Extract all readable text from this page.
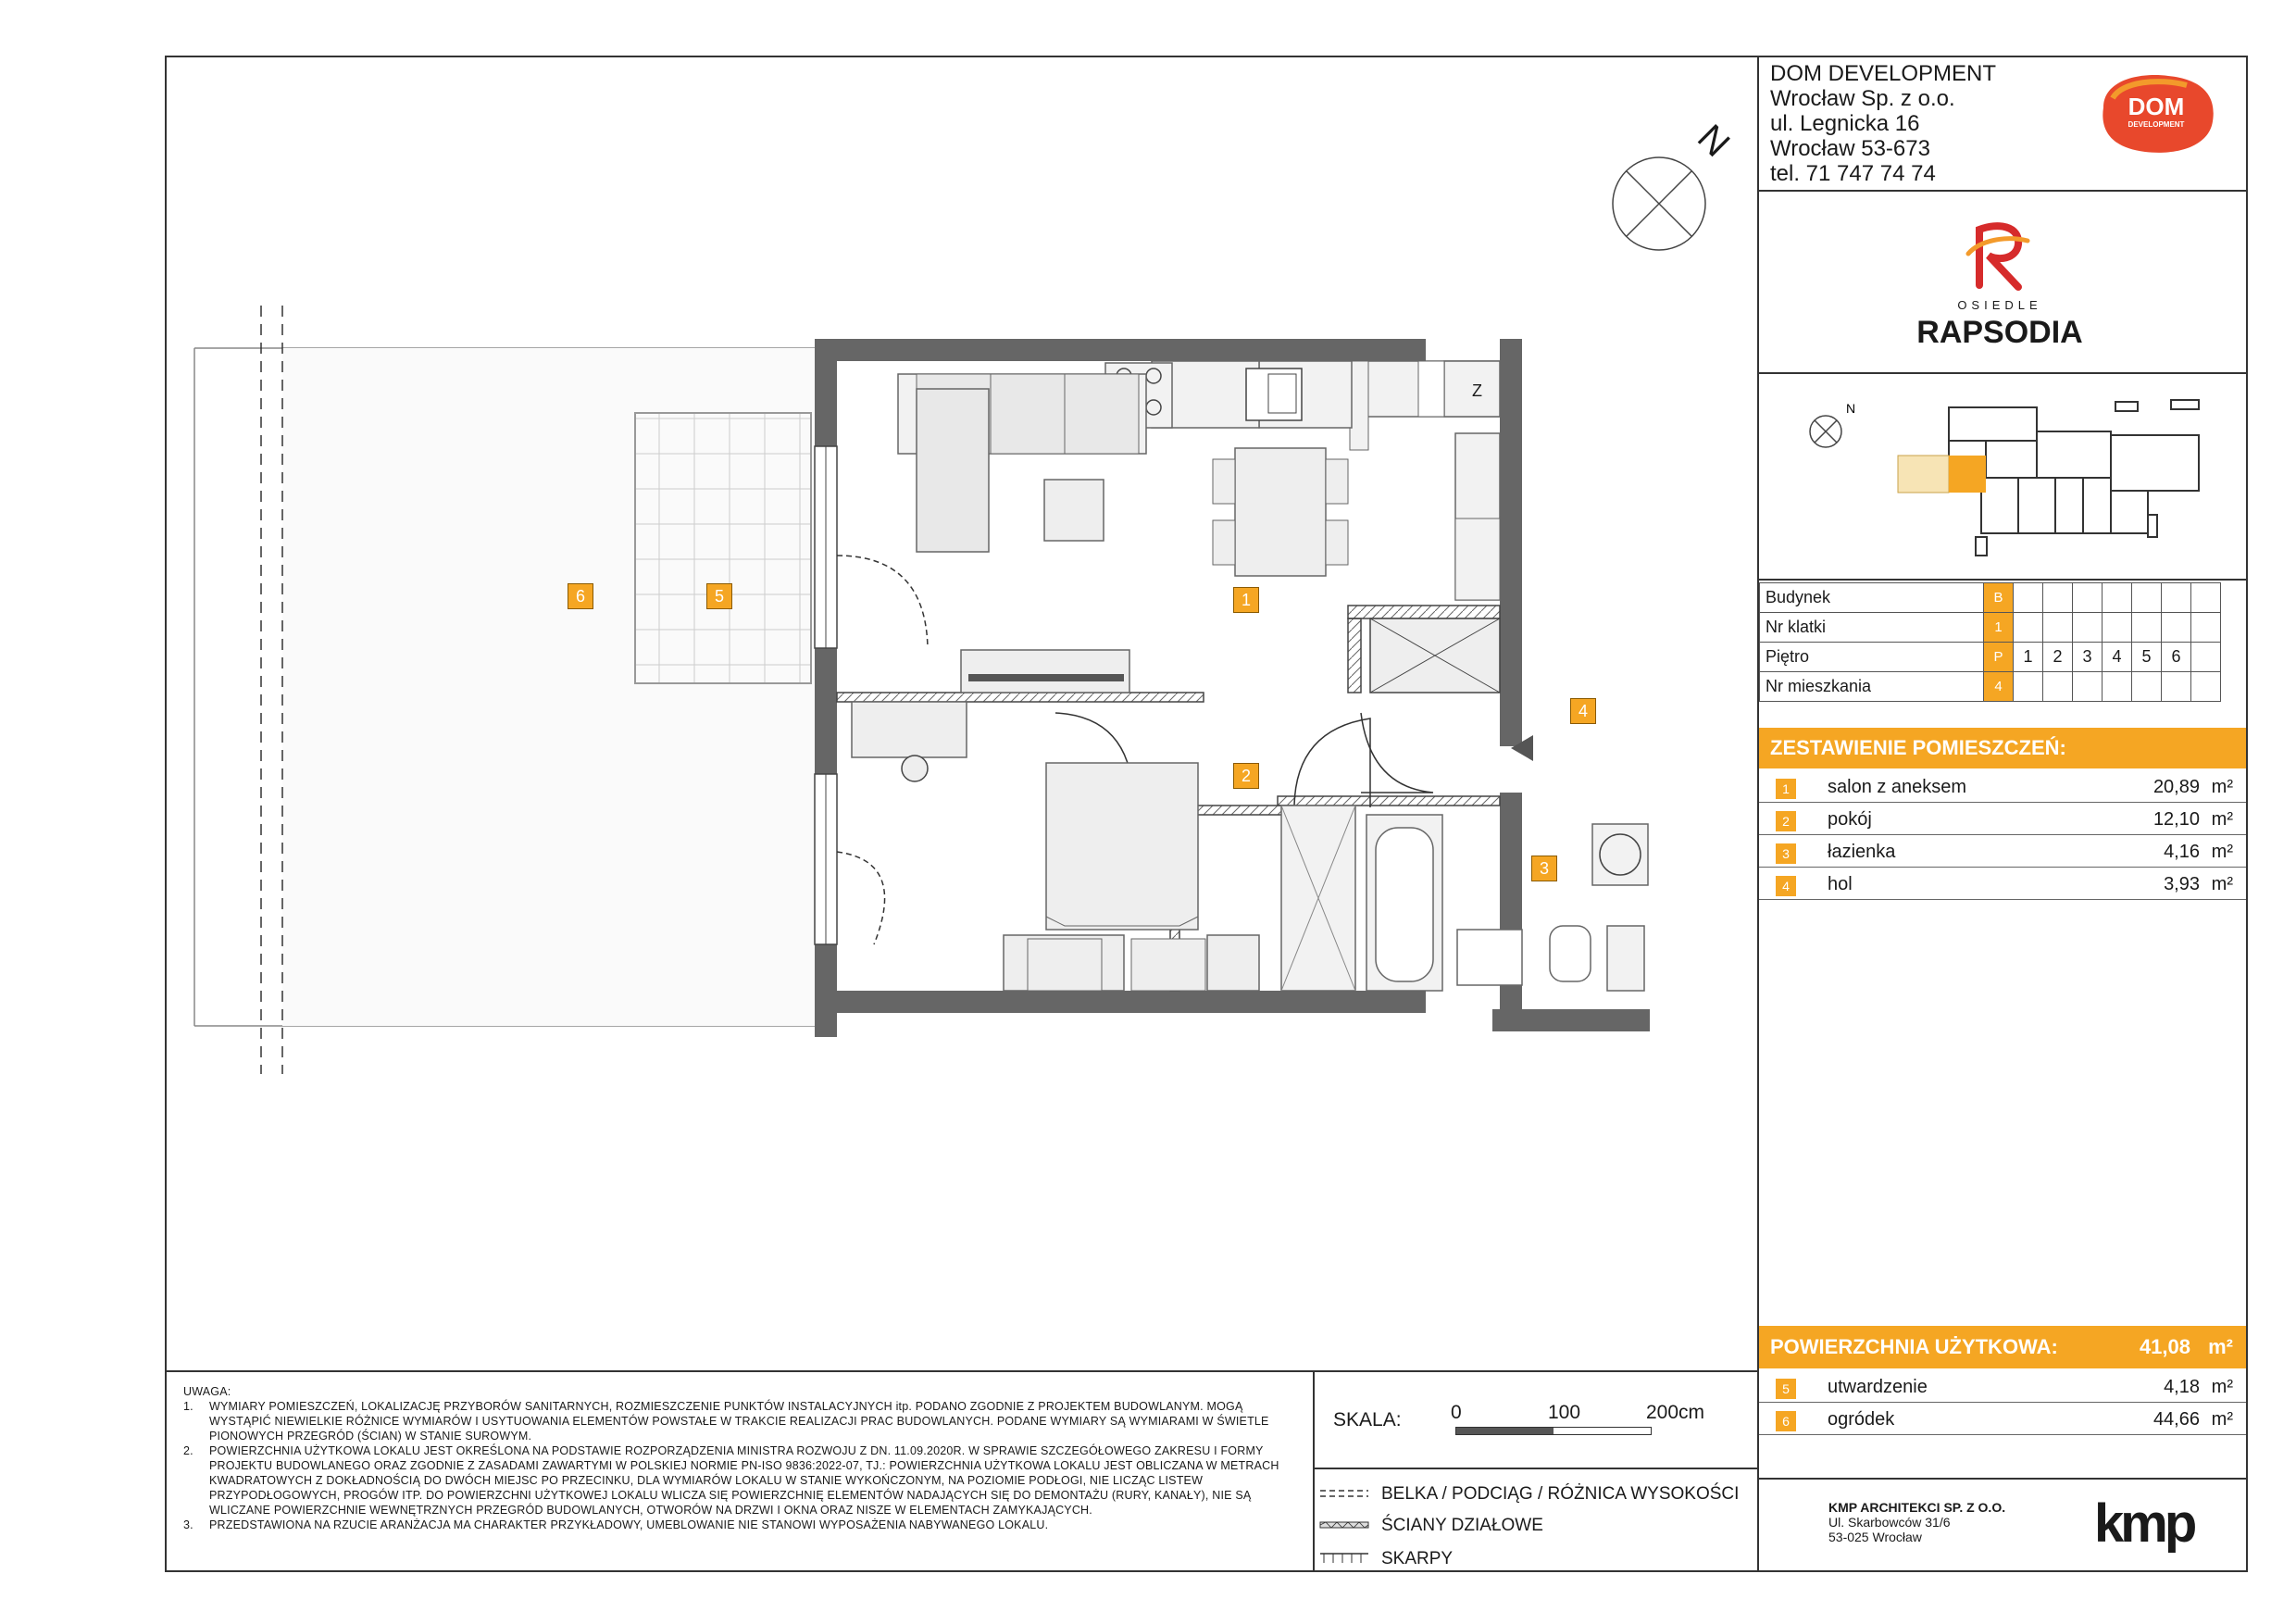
DOM DEVELOPMENT
Wrocław Sp. z o.o.
ul. Legnicka 16
Wrocław 53-673
tel. 71 747 74 74
DOM
DEVELOPMENT
OSIEDLE
RAPSODIA
N
Budynek	B							
Nr klatki	1							
Piętro	P	1	2	3	4	5	6	
Nr mieszkania	4							
ZESTAWIENIE POMIESZCZEŃ:
1	salon z aneksem	20,89 m²
2	pokój	12,10 m²
3	łazienka	4,16 m²
4	hol	3,93 m²
POWIERZCHNIA UŻYTKOWA:	41,08 m²
5	utwardzenie	4,18 m²
6	ogródek	44,66 m²
KMP ARCHITEKCI SP. Z O.O.
Ul. Skarbowców 31/6
53-025 Wrocław	kmp
UWAGA:
1.	WYMIARY POMIESZCZEŃ, LOKALIZACJĘ PRZYBORÓW SANITARNYCH, ROZMIESZCZENIE PUNKTÓW INSTALACYJNYCH itp. PODANO ZGODNIE Z PROJEKTEM BUDOWLANYM. MOGĄ WYSTĄPIĆ NIEWIELKIE RÓŻNICE WYMIARÓW I USYTUOWANIA ELEMENTÓW POWSTAŁE W TRAKCIE REALIZACJI PRAC BUDOWLANYCH. PODANE WYMIARY SĄ WYMIARAMI W ŚWIETLE PIONOWYCH PRZEGRÓD (ŚCIAN) W STANIE SUROWYM.
2.	POWIERZCHNIA UŻYTKOWA LOKALU JEST OKREŚLONA NA PODSTAWIE ROZPORZĄDZENIA MINISTRA ROZWOJU Z DN. 11.09.2020R. W SPRAWIE SZCZEGÓŁOWEGO ZAKRESU I FORMY PROJEKTU BUDOWLANEGO ORAZ ZGODNIE Z ZASADAMI ZAWARTYMI W POLSKIEJ NORMIE PN-ISO 9836:2022-07, TJ.: POWIERZCHNIA UŻYTKOWA LOKALU JEST OBLICZANA W METRACH KWADRATOWYCH Z DOKŁADNOŚCIĄ DO DWÓCH MIEJSC PO PRZECINKU, DLA WYMIARÓW LOKALU W STANIE WYKOŃCZONYM, NA POZIOMIE PODŁOGI, NIE LICZĄC LISTEW PRZYPODŁOGOWYCH, PROGÓW ITP. DO POWIERZCHNI UŻYTKOWEJ LOKALU WLICZA SIĘ POWIERZCHNIĘ ELEMENTÓW NADAJĄCYCH SIĘ DO DEMONTAŻU (RURY, KANAŁY), NIE SĄ WLICZANE POWIERZCHNIE WEWNĘTRZNYCH PRZEGRÓD BUDOWLANYCH, OTWORÓW NA DRZWI I OKNA ORAZ NISZE W ELEMENTACH ZAMYKAJĄCYCH.
3.	PRZEDSTAWIONA NA RZUCIE ARANŻACJA MA CHARAKTER PRZYKŁADOWY, UMEBLOWANIE NIE STANOWI WYPOSAŻENIA NABYWANEGO LOKALU.
SKALA:	0	100	200cm
BELKA / PODCIĄG / RÓŻNICA WYSOKOŚCI
ŚCIANY DZIAŁOWE
SKARPY
N
1
2
3
4
5
6
Z
